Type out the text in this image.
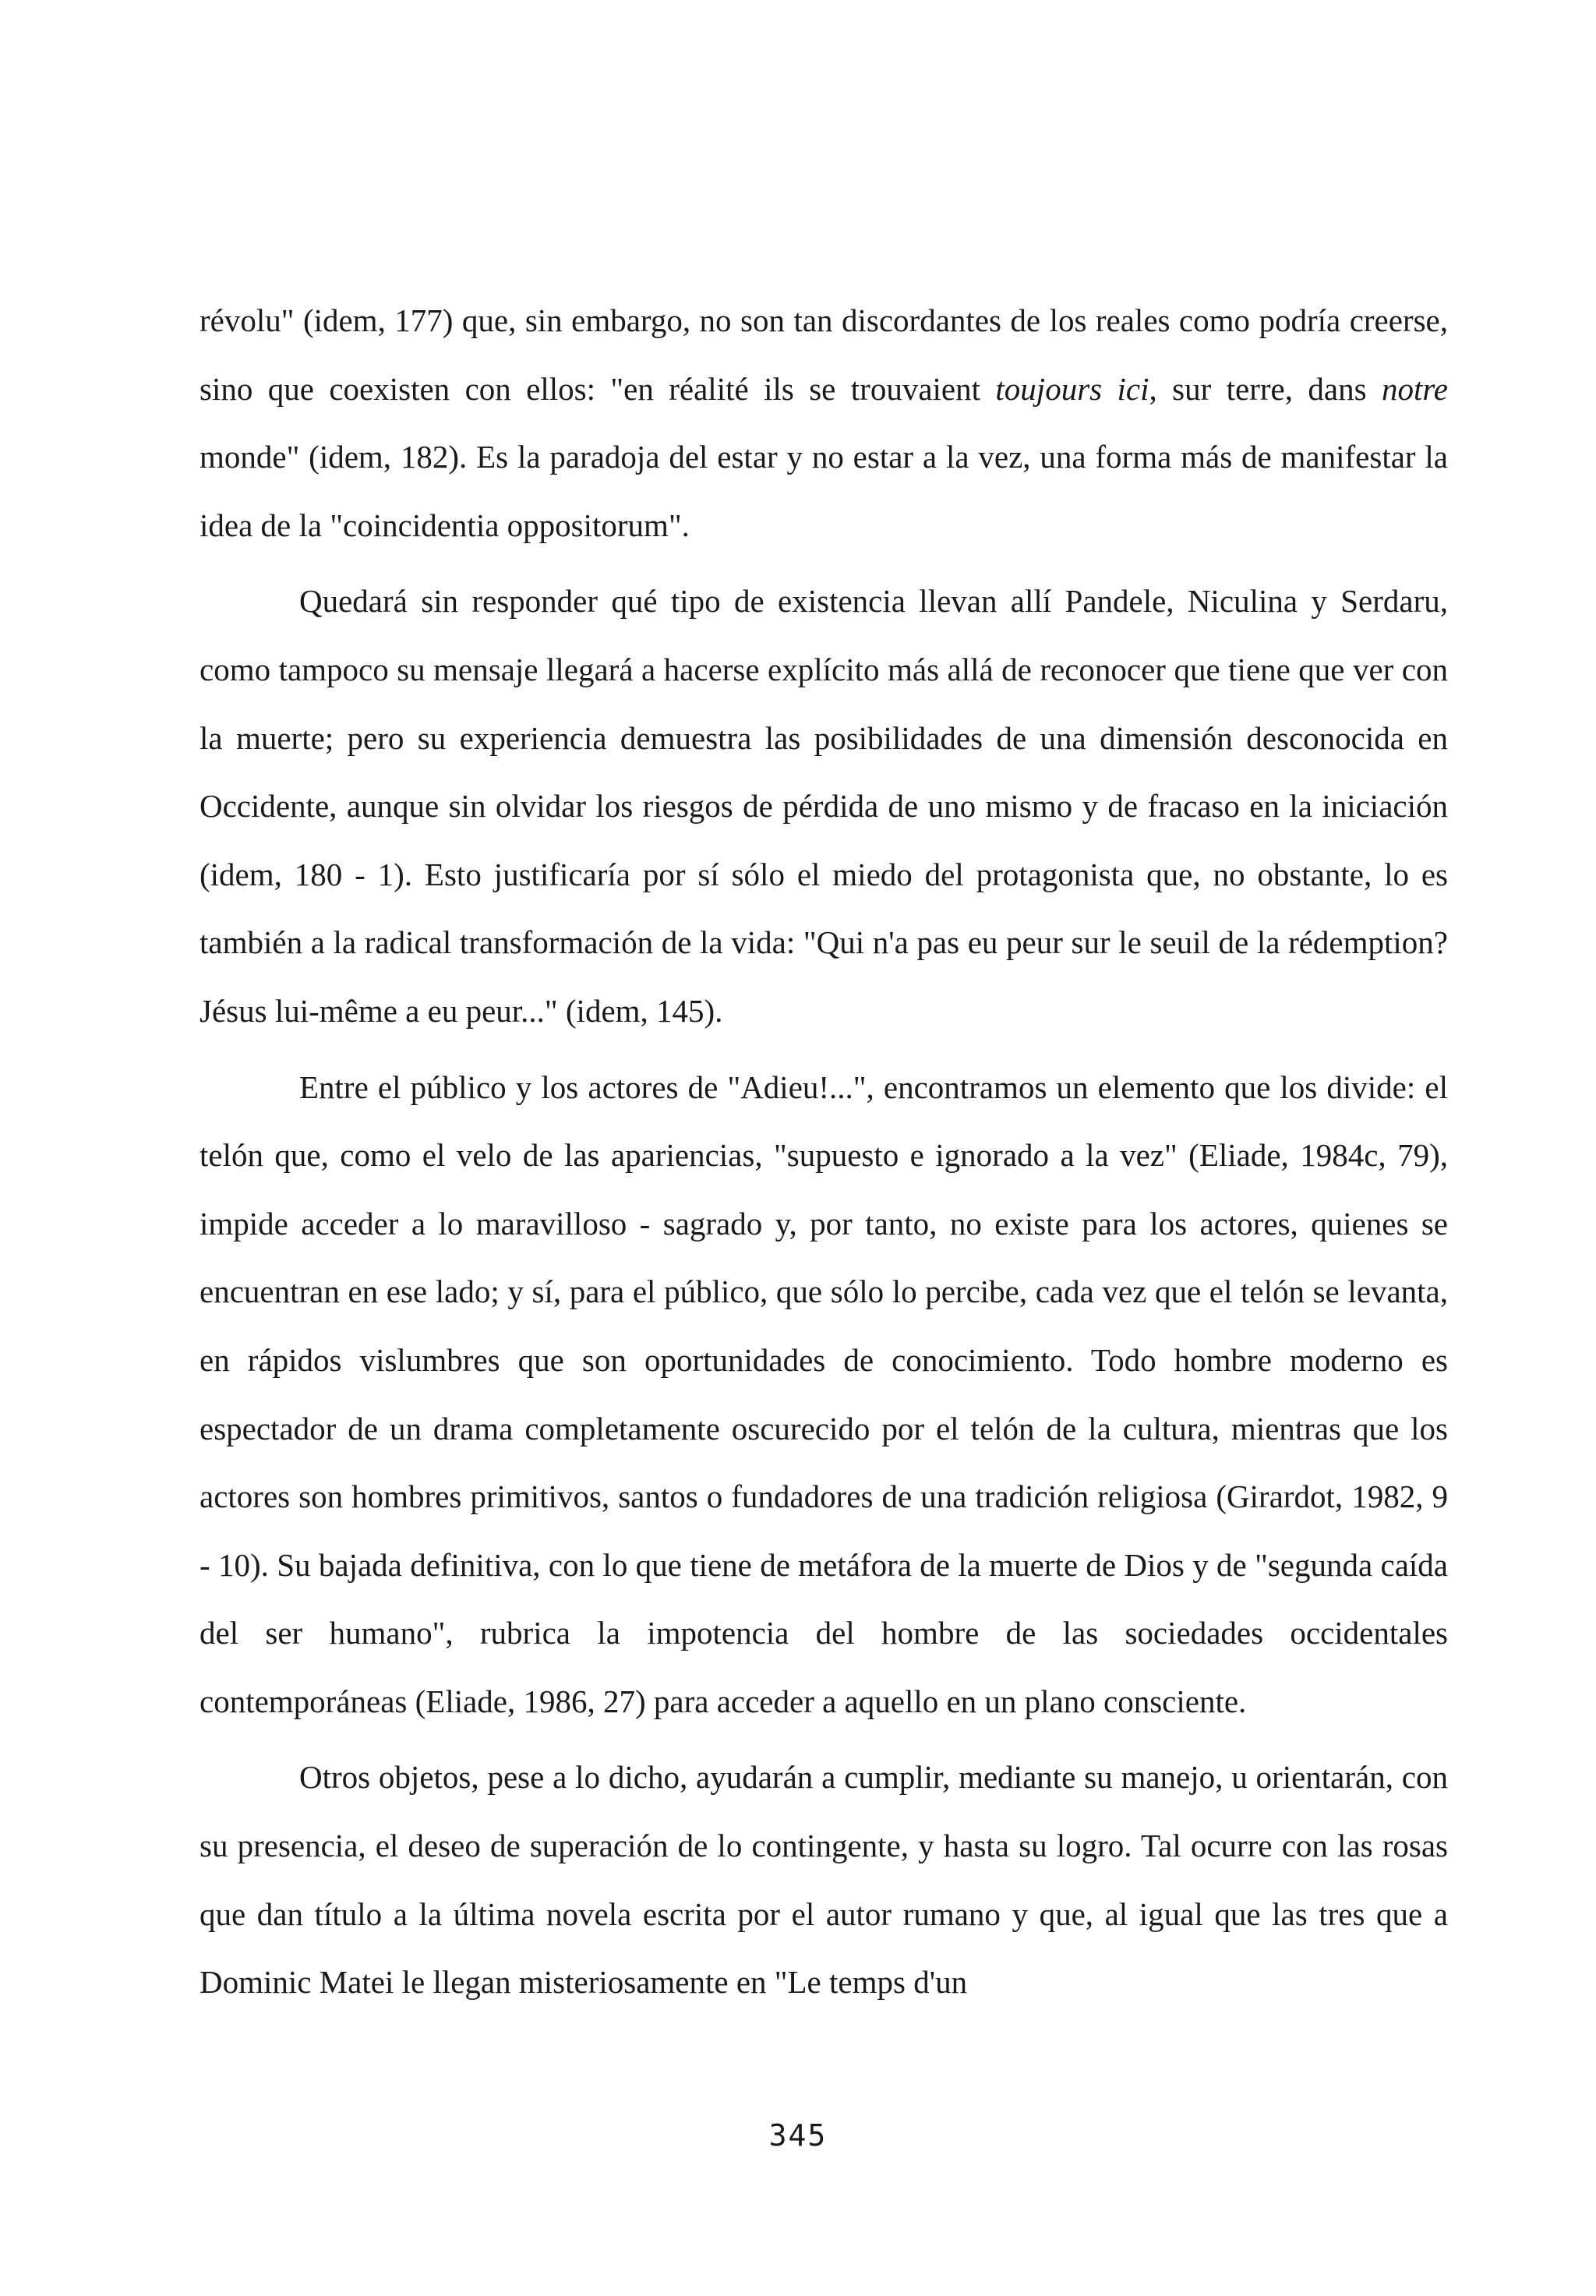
révolu" (idem, 177) que, sin embargo, no son tan discordantes de los reales como podría creerse, sino que coexisten con ellos: "en réalité ils se trouvaient toujours ici, sur terre, dans notre monde" (idem, 182). Es la paradoja del estar y no estar a la vez, una forma más de manifestar la idea de la "coincidentia oppositorum".

Quedará sin responder qué tipo de existencia llevan allí Pandele, Niculina y Serdaru, como tampoco su mensaje llegará a hacerse explícito más allá de reconocer que tiene que ver con la muerte; pero su experiencia demuestra las posibilidades de una dimensión desconocida en Occidente, aunque sin olvidar los riesgos de pérdida de uno mismo y de fracaso en la iniciación (idem, 180 - 1). Esto justificaría por sí sólo el miedo del protagonista que, no obstante, lo es también a la radical transformación de la vida: "Qui n'a pas eu peur sur le seuil de la rédemption? Jésus lui-même a eu peur..." (idem, 145).

Entre el público y los actores de "Adieu!...", encontramos un elemento que los divide: el telón que, como el velo de las apariencias, "supuesto e ignorado a la vez" (Eliade, 1984c, 79), impide acceder a lo maravilloso - sagrado y, por tanto, no existe para los actores, quienes se encuentran en ese lado; y sí, para el público, que sólo lo percibe, cada vez que el telón se levanta, en rápidos vislumbres que son oportunidades de conocimiento. Todo hombre moderno es espectador de un drama completamente oscurecido por el telón de la cultura, mientras que los actores son hombres primitivos, santos o fundadores de una tradición religiosa (Girardot, 1982, 9 - 10). Su bajada definitiva, con lo que tiene de metáfora de la muerte de Dios y de "segunda caída del ser humano", rubrica la impotencia del hombre de las sociedades occidentales contemporáneas (Eliade, 1986, 27) para acceder a aquello en un plano consciente.

Otros objetos, pese a lo dicho, ayudarán a cumplir, mediante su manejo, u orientarán, con su presencia, el deseo de superación de lo contingente, y hasta su logro. Tal ocurre con las rosas que dan título a la última novela escrita por el autor rumano y que, al igual que las tres que a Dominic Matei le llegan misteriosamente en "Le temps d'un

345
